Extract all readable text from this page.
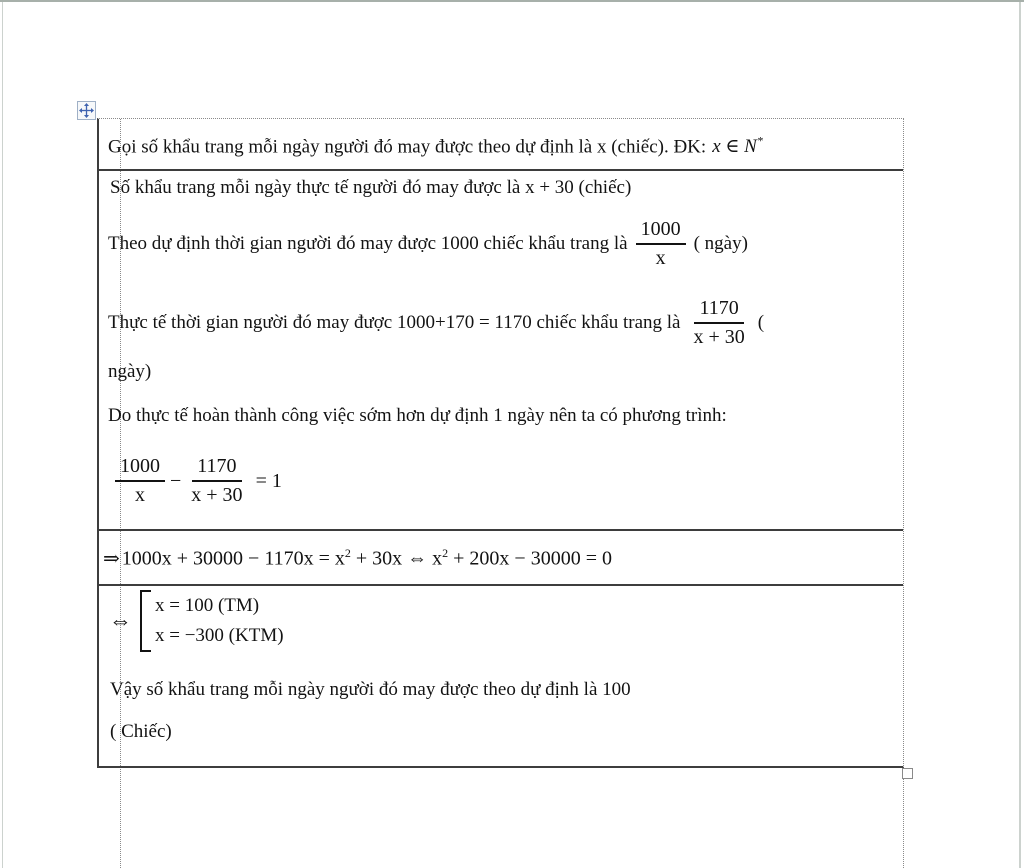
Gọi số khẩu trang mỗi ngày người đó may được theo dự định là x (chiếc). ĐK: x ∈ N*
Số khẩu trang mỗi ngày thực tế người đó may được là x + 30 (chiếc)
Theo dự định thời gian người đó may được 1000 chiếc khẩu trang là $\frac{1000}{x}$ ( ngày)
Thực tế thời gian người đó may được 1000+170 = 1170 chiếc khẩu trang là $\frac{1170}{x + 30}$ (
ngày)
Do thực tế hoàn thành công việc sớm hơn dự định 1 ngày nên ta có phương trình:
$\frac{1000}{x} - \frac{1170}{x + 30} = 1$
⇒ $1000x + 30000 - 1170x = x^2 + 30x$ ⇔ $x^2 + 200x - 30000 = 0$
⇔
x = 100 (TM)
x = −300 (KTM)
Vậy số khẩu trang mỗi ngày người đó may được theo dự định là 100
( Chiếc)
